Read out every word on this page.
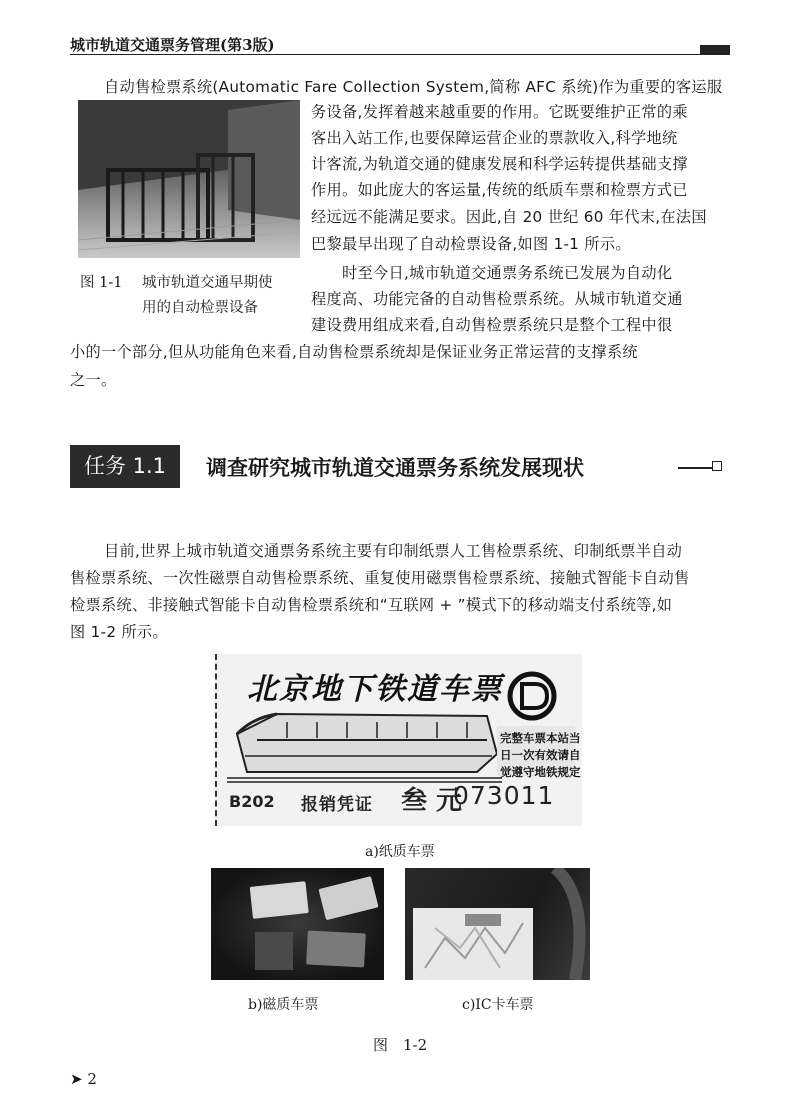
城市轨道交通票务管理(第3版)

自动售检票系统(Automatic Fare Collection System,简称 AFC 系统)作为重要的客运服

务设备,发挥着越来越重要的作用。它既要维护正常的乘

客出入站工作,也要保障运营企业的票款收入,科学地统

计客流,为轨道交通的健康发展和科学运转提供基础支撑

作用。如此庞大的客运量,传统的纸质车票和检票方式已

经远远不能满足要求。因此,自 20 世纪 60 年代末,在法国

巴黎最早出现了自动检票设备,如图 1-1 所示。

图 1-1 城市轨道交通早期使
用的自动检票设备

时至今日,城市轨道交通票务系统已发展为自动化

程度高、功能完备的自动售检票系统。从城市轨道交通

建设费用组成来看,自动售检票系统只是整个工程中很

小的一个部分,但从功能角色来看,自动售检票系统却是保证业务正常运营的支撑系统

之一。

任务 1.1	调查研究城市轨道交通票务系统发展现状

目前,世界上城市轨道交通票务系统主要有印制纸票人工售检票系统、印制纸票半自动

售检票系统、一次性磁票自动售检票系统、重复使用磁票售检票系统、接触式智能卡自动售

检票系统、非接触式智能卡自动售检票系统和“互联网 + ”模式下的移动端支付系统等,如

图 1-2 所示。

北京地下铁道车票
完整车票本站当
日一次有效请自
觉遵守地铁规定
B202 报销凭证 叁 元
073011
a)纸质车票
b)磁质车票	c)IC卡车票
图　1-2
➤ 2
